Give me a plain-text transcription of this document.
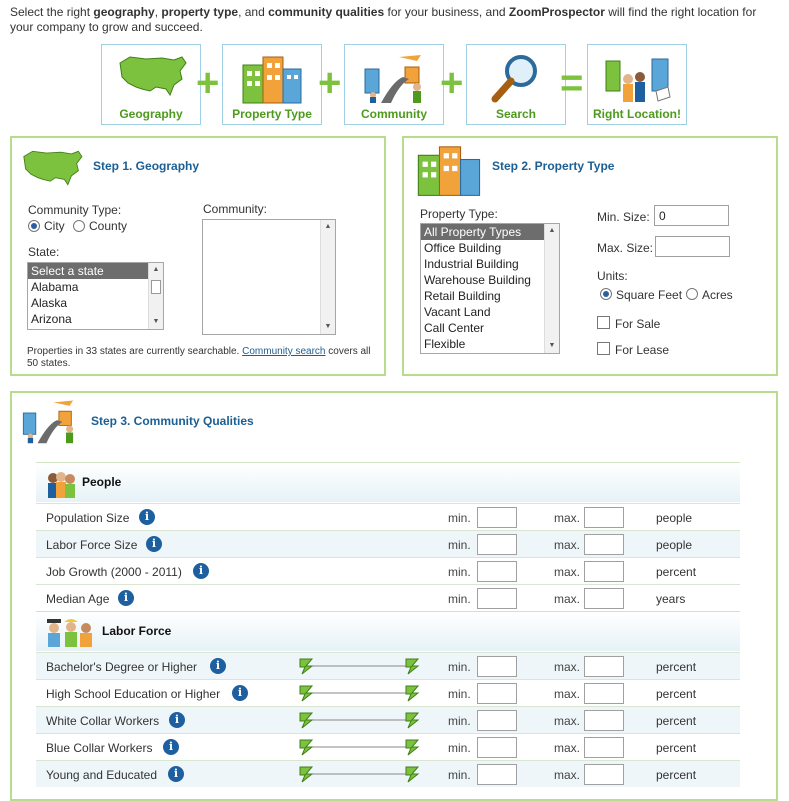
Select the right geography, property type, and community qualities for your business, and ZoomProspector will find the right location for your company to grow and succeed.
Geography
+
Property Type
+
Community
+
Search
=
Right Location!
Step 1. Geography
Community Type:
City County
State:
Select a state
Alabama
Alaska
Arizona
▲
▼
Community:
▲
▼
Properties in 33 states are currently searchable. Community search covers all 50 states.
Step 2. Property Type
Property Type:
All Property Types
Office Building
Industrial Building
Warehouse Building
Retail Building
Vacant Land
Call Center
Flexible
▲
▼
Min. Size:
0
Max. Size:
Units:
Square Feet Acres
For Sale
For Lease
Step 3. Community Qualities
People
Population Size	i	min.	max.	people
Labor Force Size	i	min.	max.	people
Job Growth (2000 - 2011)	i	min.	max.	percent
Median Age	i	min.	max.	years
Labor Force
Bachelor's Degree or Higher	i	min.	max.	percent
High School Education or Higher	i	min.	max.	percent
White Collar Workers	i	min.	max.	percent
Blue Collar Workers	i	min.	max.	percent
Young and Educated	i	min.	max.	percent
